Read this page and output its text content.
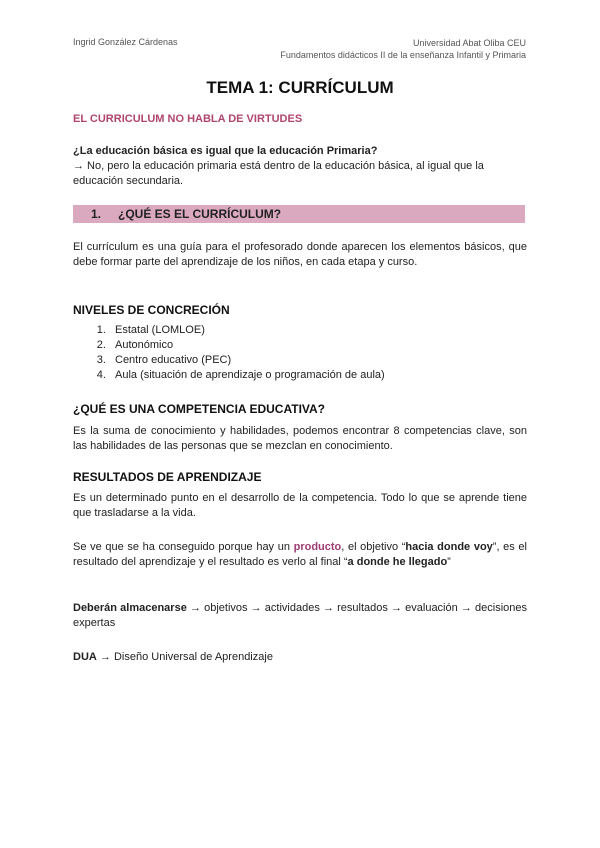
Ingrid González Cárdenas	Universidad Abat Oliba CEU
Fundamentos didácticos II de la enseñanza Infantil y Primaria
TEMA 1: CURRÍCULUM
EL CURRICULUM NO HABLA DE VIRTUDES
¿La educación básica es igual que la educación Primaria?
→ No, pero la educación primaria está dentro de la educación básica, al igual que la educación secundaria.
1. ¿QUÉ ES EL CURRÍCULUM?
El currículum es una guía para el profesorado donde aparecen los elementos básicos, que debe formar parte del aprendizaje de los niños, en cada etapa y curso.
NIVELES DE CONCRECIÓN
1. Estatal (LOMLOE)
2. Autonómico
3. Centro educativo (PEC)
4. Aula (situación de aprendizaje o programación de aula)
¿QUÉ ES UNA COMPETENCIA EDUCATIVA?
Es la suma de conocimiento y habilidades, podemos encontrar 8 competencias clave, son las habilidades de las personas que se mezclan en conocimiento.
RESULTADOS DE APRENDIZAJE
Es un determinado punto en el desarrollo de la competencia. Todo lo que se aprende tiene que trasladarse a la vida.
Se ve que se ha conseguido porque hay un producto, el objetivo “hacia donde voy”, es el resultado del aprendizaje y el resultado es verlo al final “a donde he llegado”
Deberán almacenarse → objetivos → actividades → resultados → evaluación → decisiones expertas
DUA → Diseño Universal de Aprendizaje
